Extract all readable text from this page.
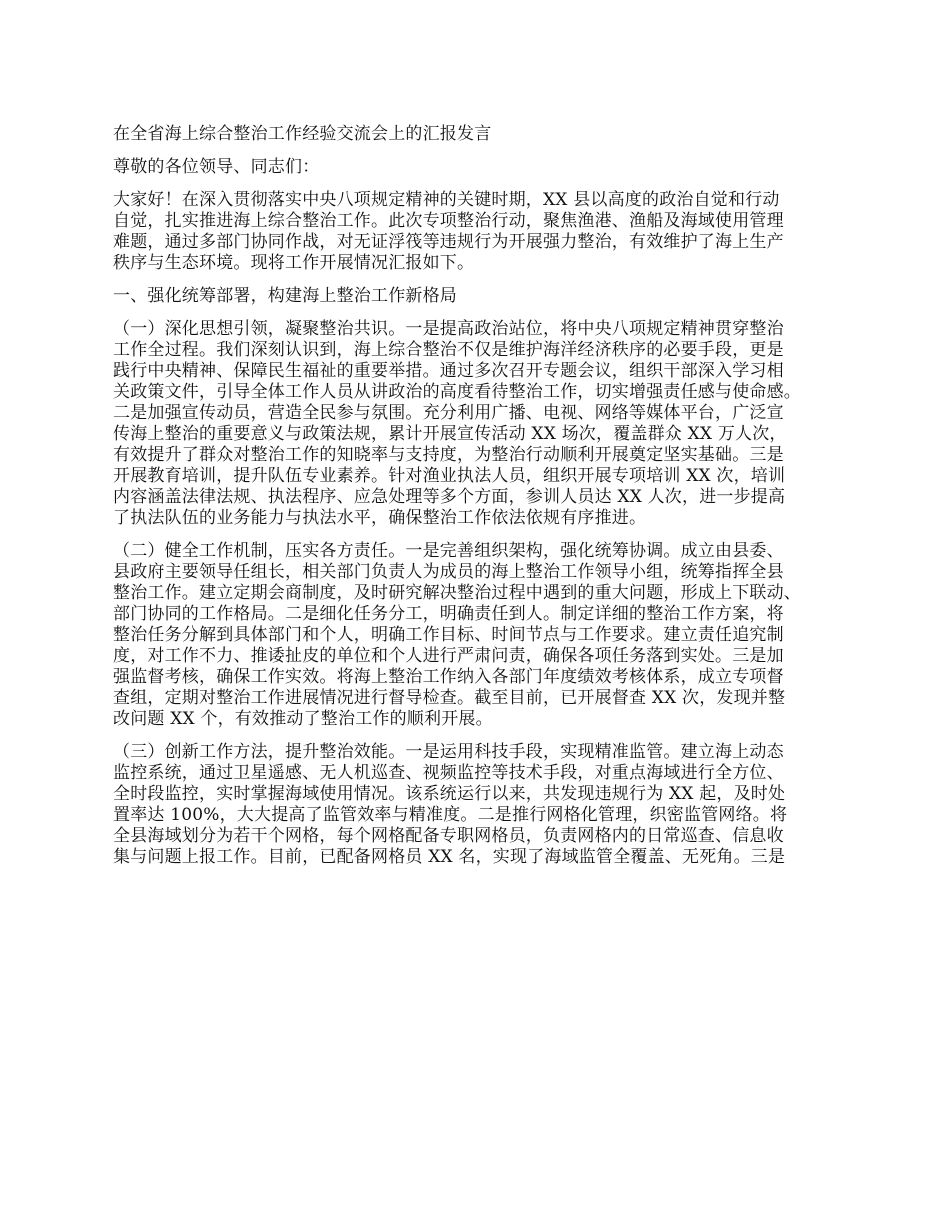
在全省海上综合整治工作经验交流会上的汇报发言
尊敬的各位领导、同志们：
大家好！在深入贯彻落实中央八项规定精神的关键时期，XX 县以高度的政治自觉和行动
自觉，扎实推进海上综合整治工作。此次专项整治行动，聚焦渔港、渔船及海域使用管理
难题，通过多部门协同作战，对无证浮筏等违规行为开展强力整治，有效维护了海上生产
秩序与生态环境。现将工作开展情况汇报如下。
一、强化统筹部署，构建海上整治工作新格局
（一）深化思想引领，凝聚整治共识。一是提高政治站位，将中央八项规定精神贯穿整治
工作全过程。我们深刻认识到，海上综合整治不仅是维护海洋经济秩序的必要手段，更是
践行中央精神、保障民生福祉的重要举措。通过多次召开专题会议，组织干部深入学习相
关政策文件，引导全体工作人员从讲政治的高度看待整治工作，切实增强责任感与使命感。
二是加强宣传动员，营造全民参与氛围。充分利用广播、电视、网络等媒体平台，广泛宣
传海上整治的重要意义与政策法规，累计开展宣传活动 XX 场次，覆盖群众 XX 万人次，
有效提升了群众对整治工作的知晓率与支持度，为整治行动顺利开展奠定坚实基础。三是
开展教育培训，提升队伍专业素养。针对渔业执法人员，组织开展专项培训 XX 次，培训
内容涵盖法律法规、执法程序、应急处理等多个方面，参训人员达 XX 人次，进一步提高
了执法队伍的业务能力与执法水平，确保整治工作依法依规有序推进。
（二）健全工作机制，压实各方责任。一是完善组织架构，强化统筹协调。成立由县委、
县政府主要领导任组长，相关部门负责人为成员的海上整治工作领导小组，统筹指挥全县
整治工作。建立定期会商制度，及时研究解决整治过程中遇到的重大问题，形成上下联动、
部门协同的工作格局。二是细化任务分工，明确责任到人。制定详细的整治工作方案，将
整治任务分解到具体部门和个人，明确工作目标、时间节点与工作要求。建立责任追究制
度，对工作不力、推诿扯皮的单位和个人进行严肃问责，确保各项任务落到实处。三是加
强监督考核，确保工作实效。将海上整治工作纳入各部门年度绩效考核体系，成立专项督
查组，定期对整治工作进展情况进行督导检查。截至目前，已开展督查 XX 次，发现并整
改问题 XX 个，有效推动了整治工作的顺利开展。
（三）创新工作方法，提升整治效能。一是运用科技手段，实现精准监管。建立海上动态
监控系统，通过卫星遥感、无人机巡查、视频监控等技术手段，对重点海域进行全方位、
全时段监控，实时掌握海域使用情况。该系统运行以来，共发现违规行为 XX 起，及时处
置率达 100%，大大提高了监管效率与精准度。二是推行网格化管理，织密监管网络。将
全县海域划分为若干个网格，每个网格配备专职网格员，负责网格内的日常巡查、信息收
集与问题上报工作。目前，已配备网格员 XX 名，实现了海域监管全覆盖、无死角。三是
